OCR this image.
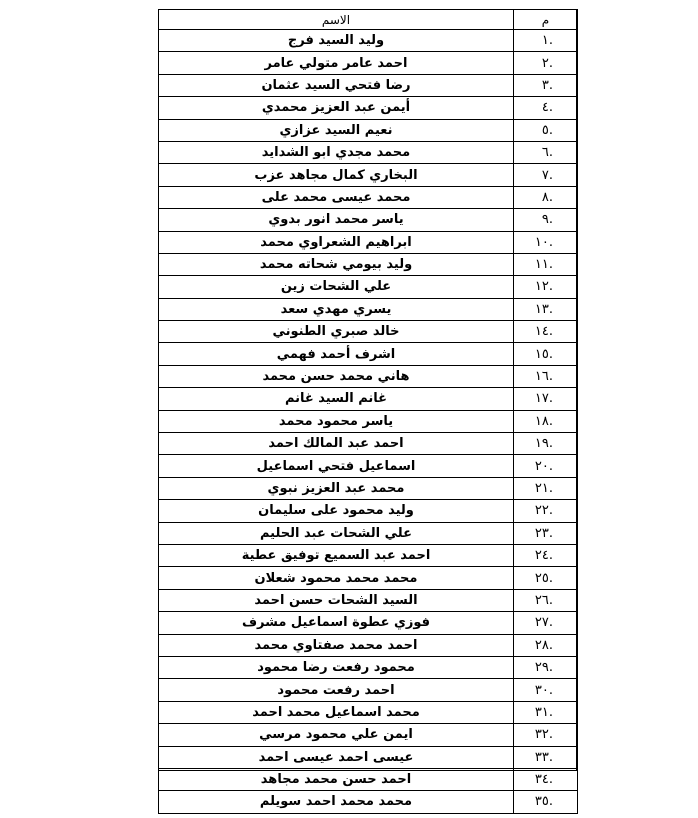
م	الاسم
.١	وليد السيد فرج
.٢	احمد عامر متولي عامر
.٣	رضا فتحي السيد عثمان
.٤	أيمن عبد العزيز محمدي
.٥	نعيم السيد عزازي
.٦	محمد مجدي ابو الشدايد
.٧	البخاري كمال مجاهد عزب
.٨	محمد عيسى محمد على
.٩	ياسر محمد انور بدوي
.١٠	ابراهيم الشعراوي محمد
.١١	وليد بيومي شحاته محمد
.١٢	علي الشحات زين
.١٣	يسري مهدي سعد
.١٤	خالد صبري الطنوني
.١٥	اشرف أحمد فهمي
.١٦	هاني محمد حسن محمد
.١٧	غانم السيد غانم
.١٨	ياسر محمود محمد
.١٩	احمد عبد المالك احمد
.٢٠	اسماعيل فتحي اسماعيل
.٢١	محمد عبد العزيز نبوي
.٢٢	وليد محمود على سليمان
.٢٣	علي الشحات عبد الحليم
.٢٤	احمد عبد السميع توفيق عطية
.٢٥	محمد محمد محمود شعلان
.٢٦	السيد الشحات حسن احمد
.٢٧	فوزي عطوة اسماعيل مشرف
.٢٨	احمد محمد صفتاوي محمد
.٢٩	محمود رفعت رضا محمود
.٣٠	احمد رفعت محمود
.٣١	محمد اسماعيل محمد احمد
.٣٢	ايمن علي محمود مرسي
.٣٣	عيسى احمد عيسى احمد
.٣٤	احمد حسن محمد مجاهد
.٣٥	محمد محمد احمد سويلم
